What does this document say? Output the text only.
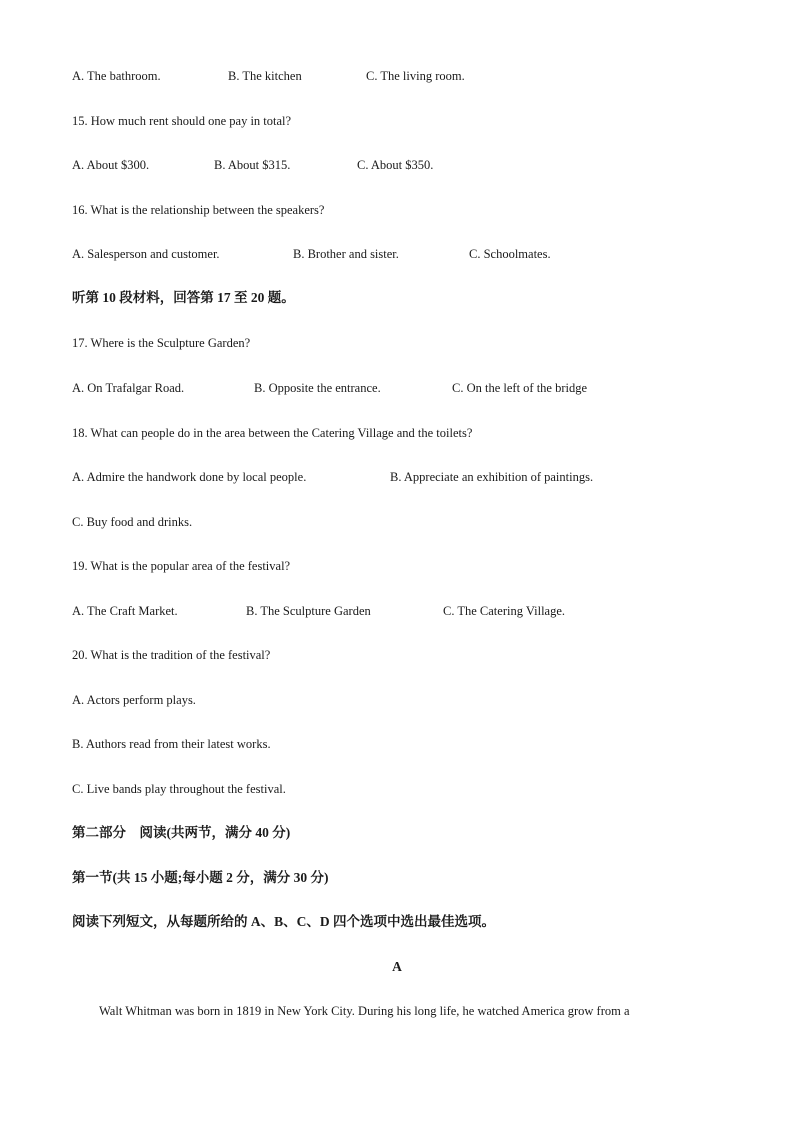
A. The bathroom.	B. The kitchen	C. The living room.
15. How much rent should one pay in total?
A. About $300.	B. About $315.	C. About $350.
16. What is the relationship between the speakers?
A. Salesperson and customer.	B. Brother and sister.	C. Schoolmates.
听第 10 段材料，回答第 17 至 20 题。
17. Where is the Sculpture Garden?
A. On Trafalgar Road.	B. Opposite the entrance.	C. On the left of the bridge
18. What can people do in the area between the Catering Village and the toilets?
A. Admire the handwork done by local people.	B. Appreciate an exhibition of paintings.
C. Buy food and drinks.
19. What is the popular area of the festival?
A. The Craft Market.	B. The Sculpture Garden	C. The Catering Village.
20. What is the tradition of the festival?
A. Actors perform plays.
B. Authors read from their latest works.
C. Live bands play throughout the festival.
第二部分　阅读(共两节，满分 40 分)
第一节(共 15 小题;每小题 2 分，满分 30 分)
阅读下列短文，从每题所给的 A、B、C、D 四个选项中选出最佳选项。
A
Walt Whitman was born in 1819 in New York City. During his long life, he watched America grow from a
